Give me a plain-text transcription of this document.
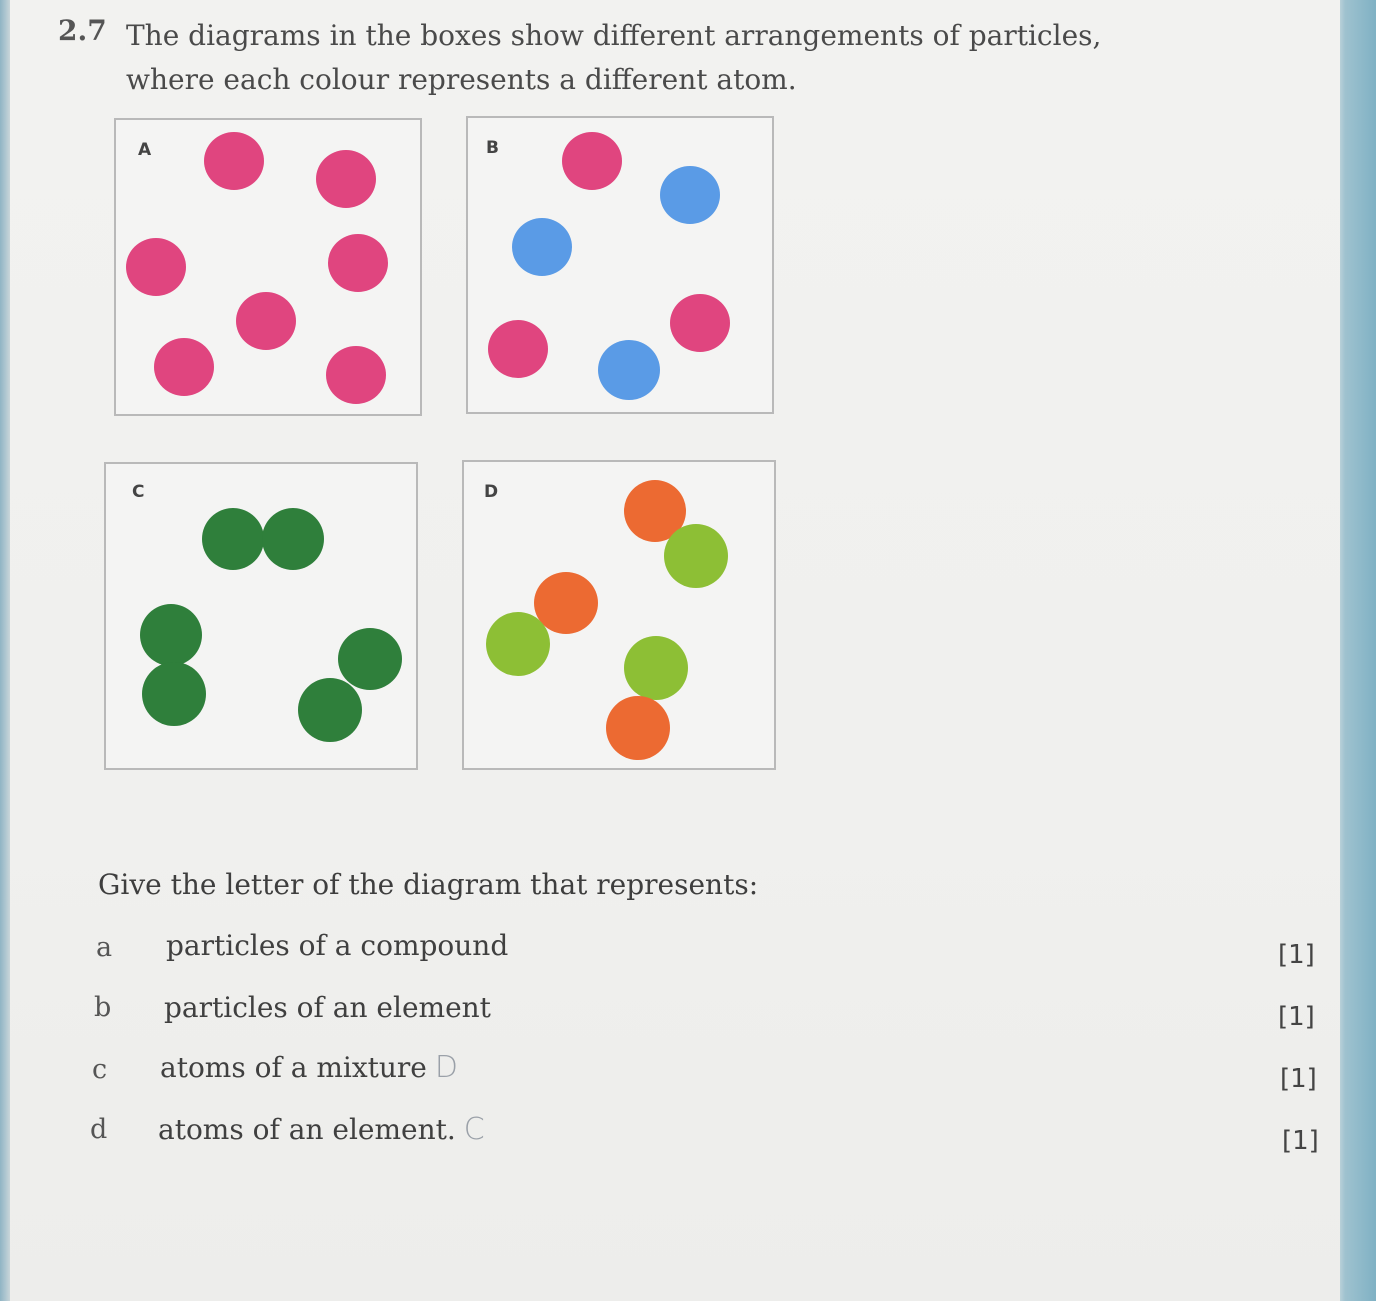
2.7 The diagrams in the boxes show different arrangements of particles,
where each colour represents a different atom.
A	B
C	D
Give the letter of the diagram that represents:
a particles of a compound	[1]
b particles of an element	[1]
c atoms of a mixture D	[1]
d atoms of an element. C	[1]
